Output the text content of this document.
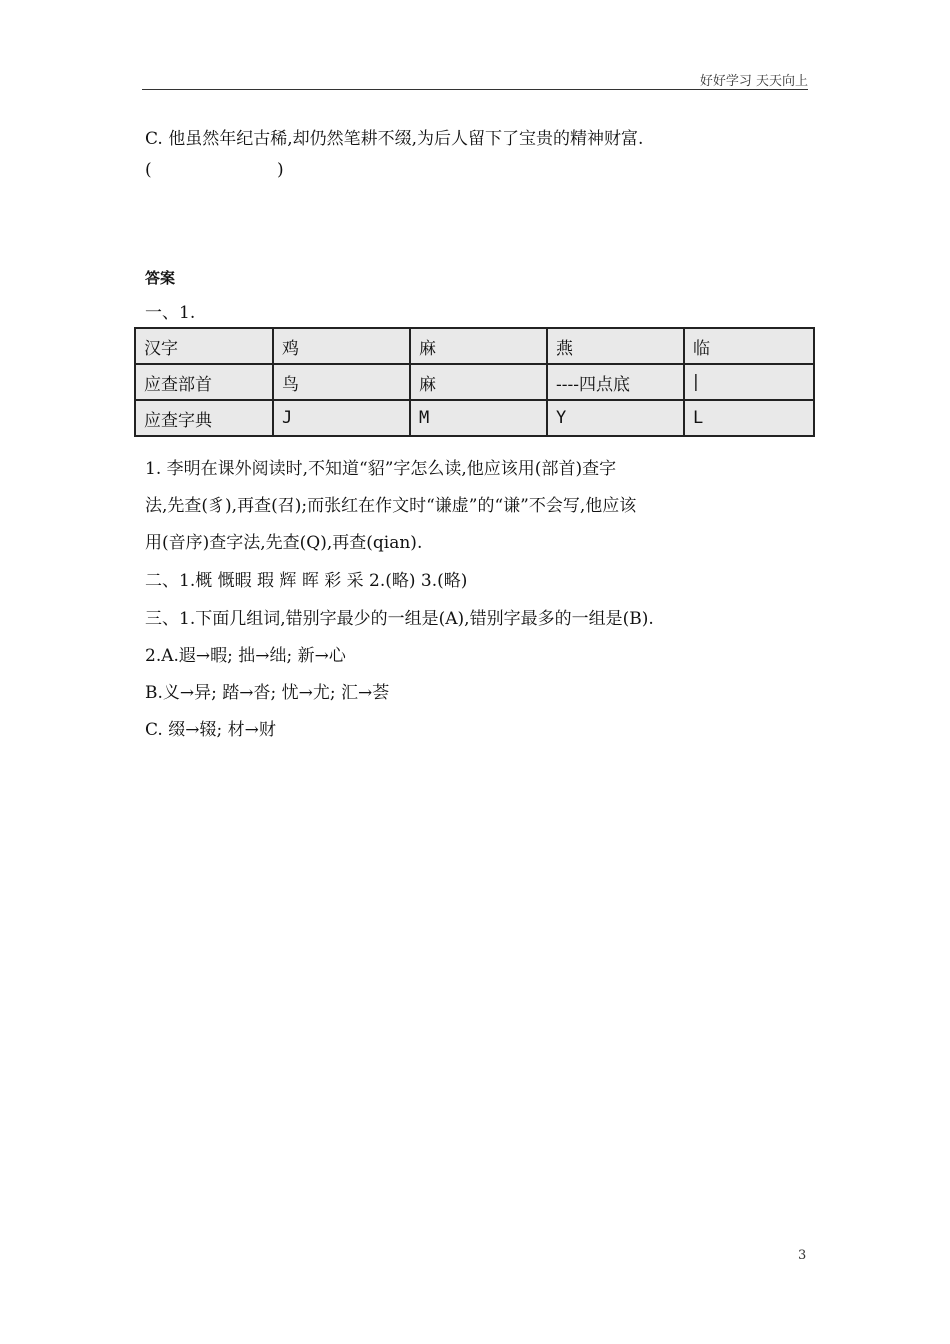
好好学习 天天向上
C. 他虽然年纪古稀,却仍然笔耕不缀,为后人留下了宝贵的精神财富.
(	)
答案
一、1.
汉字	鸡	麻	燕	临
应查部首	鸟	麻	----四点底	|
应查字典	J	M	Y	L
1. 李明在课外阅读时,不知道“貂”字怎么读,他应该用(部首)查字
法,先查(豸),再查(召);而张红在作文时“谦虚”的“谦”不会写,他应该
用(音序)查字法,先查(Q),再查(qian).
二、1.概 慨暇 瑕 辉 晖 彩 采 2.(略) 3.(略)
三、1.下面几组词,错别字最少的一组是(A),错别字最多的一组是(B).
2.A.遐→暇; 拙→绌; 新→心
B.义→异; 踏→沓; 忧→尤; 汇→荟
C. 缀→辍; 材→财
3
